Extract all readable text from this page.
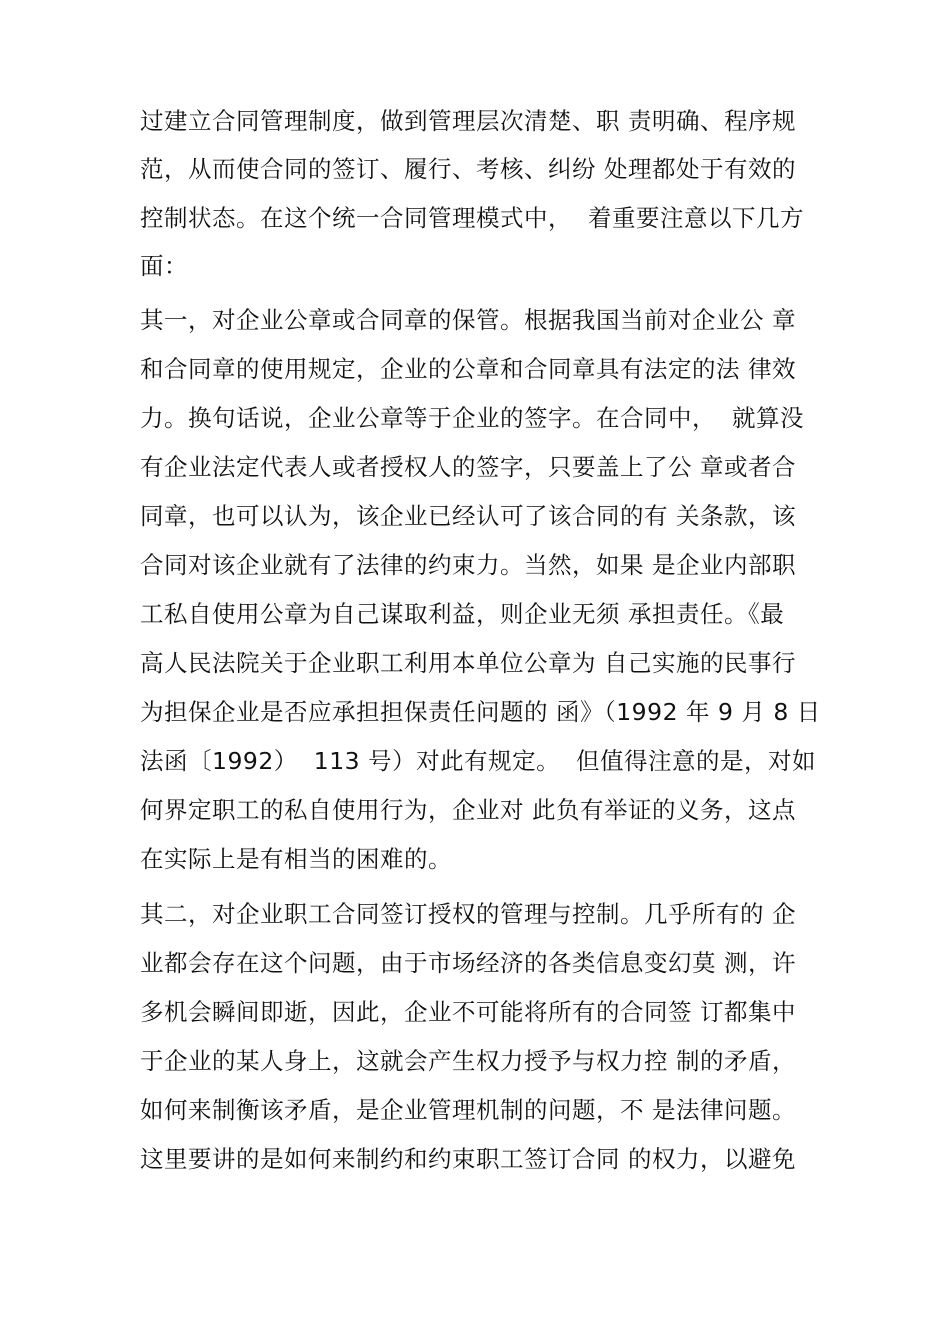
过建立合同管理制度，做到管理层次清楚、职 责明确、程序规
范，从而使合同的签订、履行、考核、纠纷 处理都处于有效的
控制状态。在这个统一合同管理模式中，  着重要注意以下几方
面：
其一，对企业公章或合同章的保管。根据我国当前对企业公 章
和合同章的使用规定，企业的公章和合同章具有法定的法 律效
力。换句话说，企业公章等于企业的签字。在合同中，  就算没
有企业法定代表人或者授权人的签字，只要盖上了公 章或者合
同章，也可以认为，该企业已经认可了该合同的有 关条款，该
合同对该企业就有了法律的约束力。当然，如果 是企业内部职
工私自使用公章为自己谋取利益，则企业无须 承担责任。《最
高人民法院关于企业职工利用本单位公章为 自己实施的民事行
为担保企业是否应承担担保责任问题的 函》（1992 年 9 月 8 日
法函〔1992）  113 号）对此有规定。  但值得注意的是，对如
何界定职工的私自使用行为，企业对 此负有举证的义务，这点
在实际上是有相当的困难的。
其二，对企业职工合同签订授权的管理与控制。几乎所有的 企
业都会存在这个问题，由于市场经济的各类信息变幻莫 测，许
多机会瞬间即逝，因此，企业不可能将所有的合同签 订都集中
于企业的某人身上，这就会产生权力授予与权力控 制的矛盾，
如何来制衡该矛盾，是企业管理机制的问题，不 是法律问题。
这里要讲的是如何来制约和约束职工签订合同 的权力，以避免
